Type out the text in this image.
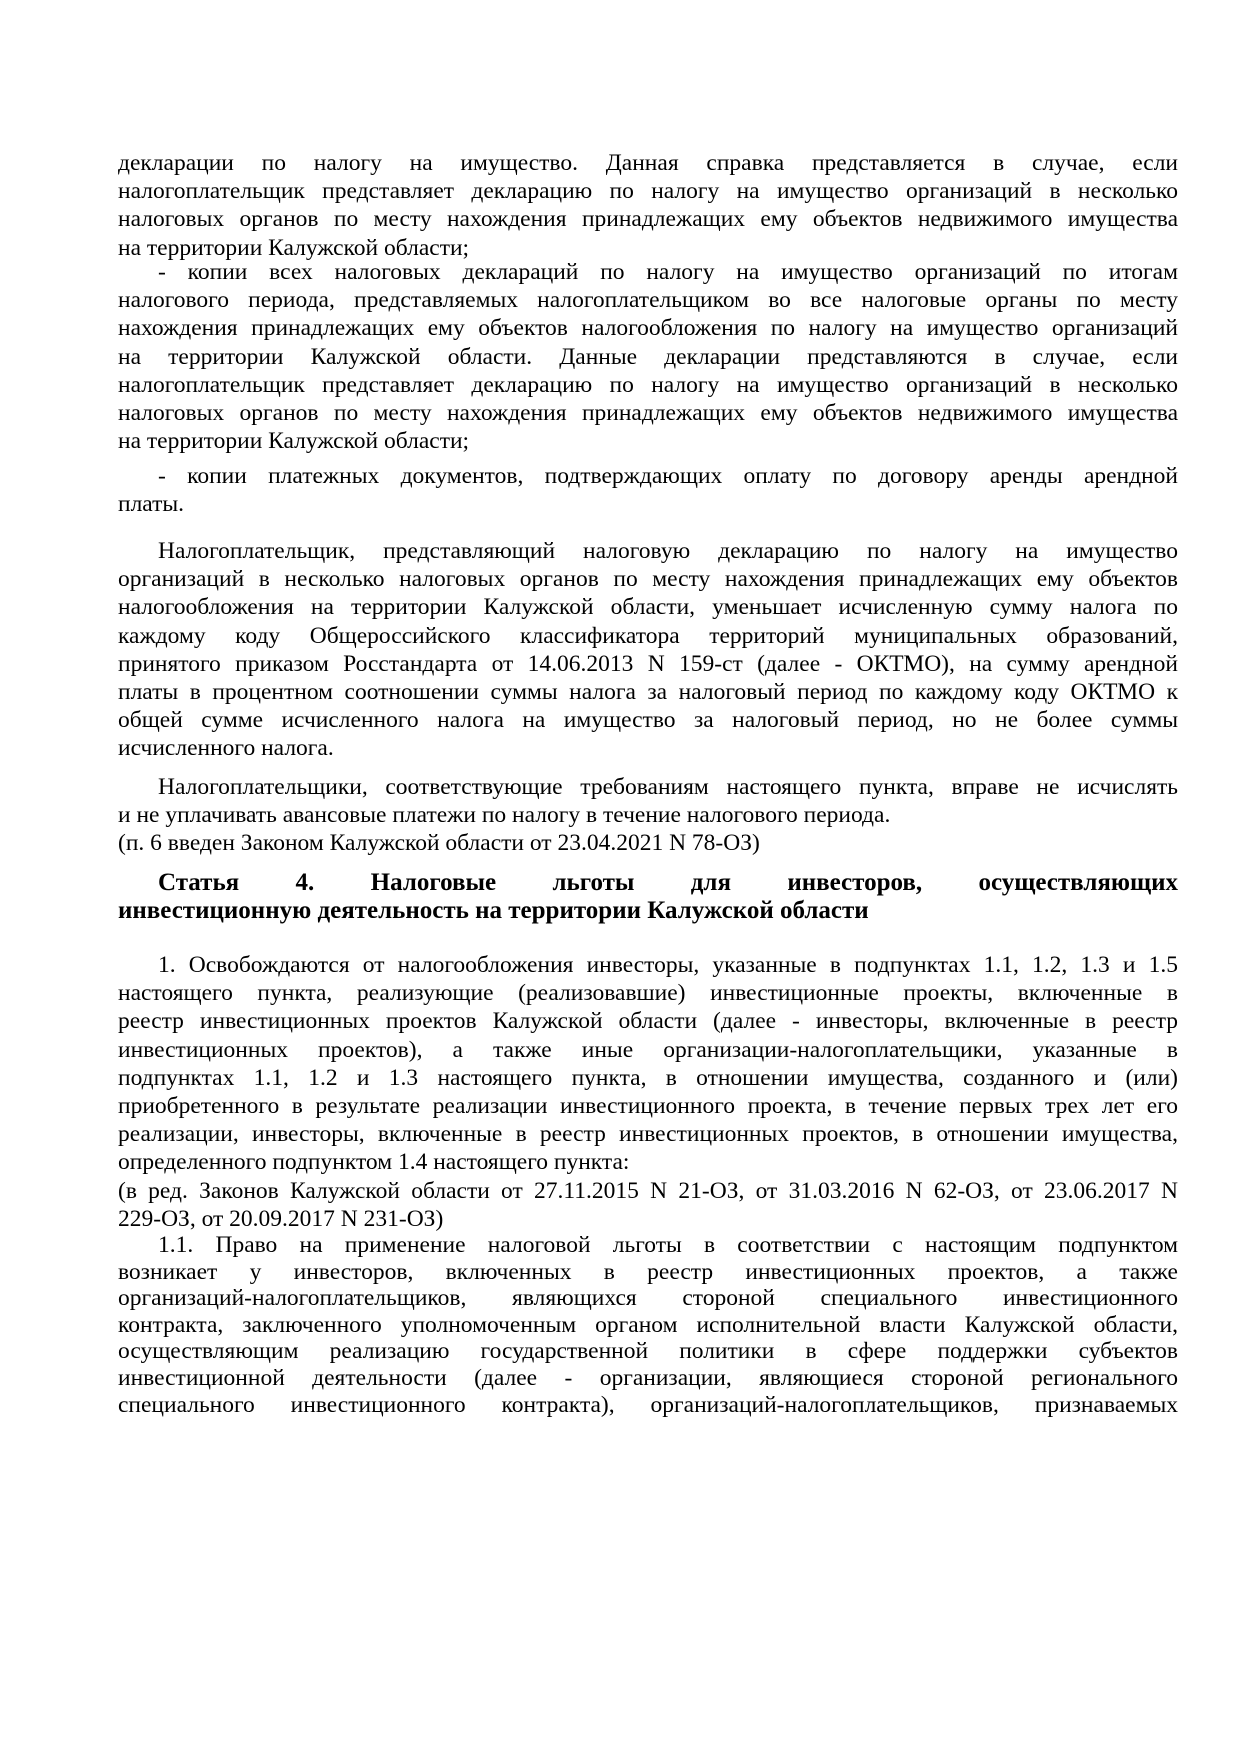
декларации по налогу на имущество. Данная справка представляется в случае, если
налогоплательщик представляет декларацию по налогу на имущество организаций в несколько
налоговых органов по месту нахождения принадлежащих ему объектов недвижимого имущества
на территории Калужской области;
- копии всех налоговых деклараций по налогу на имущество организаций по итогам
налогового периода, представляемых налогоплательщиком во все налоговые органы по месту
нахождения принадлежащих ему объектов налогообложения по налогу на имущество организаций
на территории Калужской области. Данные декларации представляются в случае, если
налогоплательщик представляет декларацию по налогу на имущество организаций в несколько
налоговых органов по месту нахождения принадлежащих ему объектов недвижимого имущества
на территории Калужской области;
- копии платежных документов, подтверждающих оплату по договору аренды арендной
платы.
Налогоплательщик, представляющий налоговую декларацию по налогу на имущество
организаций в несколько налоговых органов по месту нахождения принадлежащих ему объектов
налогообложения на территории Калужской области, уменьшает исчисленную сумму налога по
каждому коду Общероссийского классификатора территорий муниципальных образований,
принятого приказом Росстандарта от 14.06.2013 N 159-ст (далее - ОКТМО), на сумму арендной
платы в процентном соотношении суммы налога за налоговый период по каждому коду ОКТМО к
общей сумме исчисленного налога на имущество за налоговый период, но не более суммы
исчисленного налога.
Налогоплательщики, соответствующие требованиям настоящего пункта, вправе не исчислять
и не уплачивать авансовые платежи по налогу в течение налогового периода.
(п. 6 введен Законом Калужской области от 23.04.2021 N 78-ОЗ)
Статья 4. Налоговые льготы для инвесторов, осуществляющих
инвестиционную деятельность на территории Калужской области
1. Освобождаются от налогообложения инвесторы, указанные в подпунктах 1.1, 1.2, 1.3 и 1.5
настоящего пункта, реализующие (реализовавшие) инвестиционные проекты, включенные в
реестр инвестиционных проектов Калужской области (далее - инвесторы, включенные в реестр
инвестиционных проектов), а также иные организации-налогоплательщики, указанные в
подпунктах 1.1, 1.2 и 1.3 настоящего пункта, в отношении имущества, созданного и (или)
приобретенного в результате реализации инвестиционного проекта, в течение первых трех лет его
реализации, инвесторы, включенные в реестр инвестиционных проектов, в отношении имущества,
определенного подпунктом 1.4 настоящего пункта:
(в ред. Законов Калужской области от 27.11.2015 N 21-ОЗ, от 31.03.2016 N 62-ОЗ, от 23.06.2017 N
229-ОЗ, от 20.09.2017 N 231-ОЗ)
1.1. Право на применение налоговой льготы в соответствии с настоящим подпунктом
возникает у инвесторов, включенных в реестр инвестиционных проектов, а также
организаций-налогоплательщиков, являющихся стороной специального инвестиционного
контракта, заключенного уполномоченным органом исполнительной власти Калужской области,
осуществляющим реализацию государственной политики в сфере поддержки субъектов
инвестиционной деятельности (далее - организации, являющиеся стороной регионального
специального инвестиционного контракта), организаций-налогоплательщиков, признаваемых
